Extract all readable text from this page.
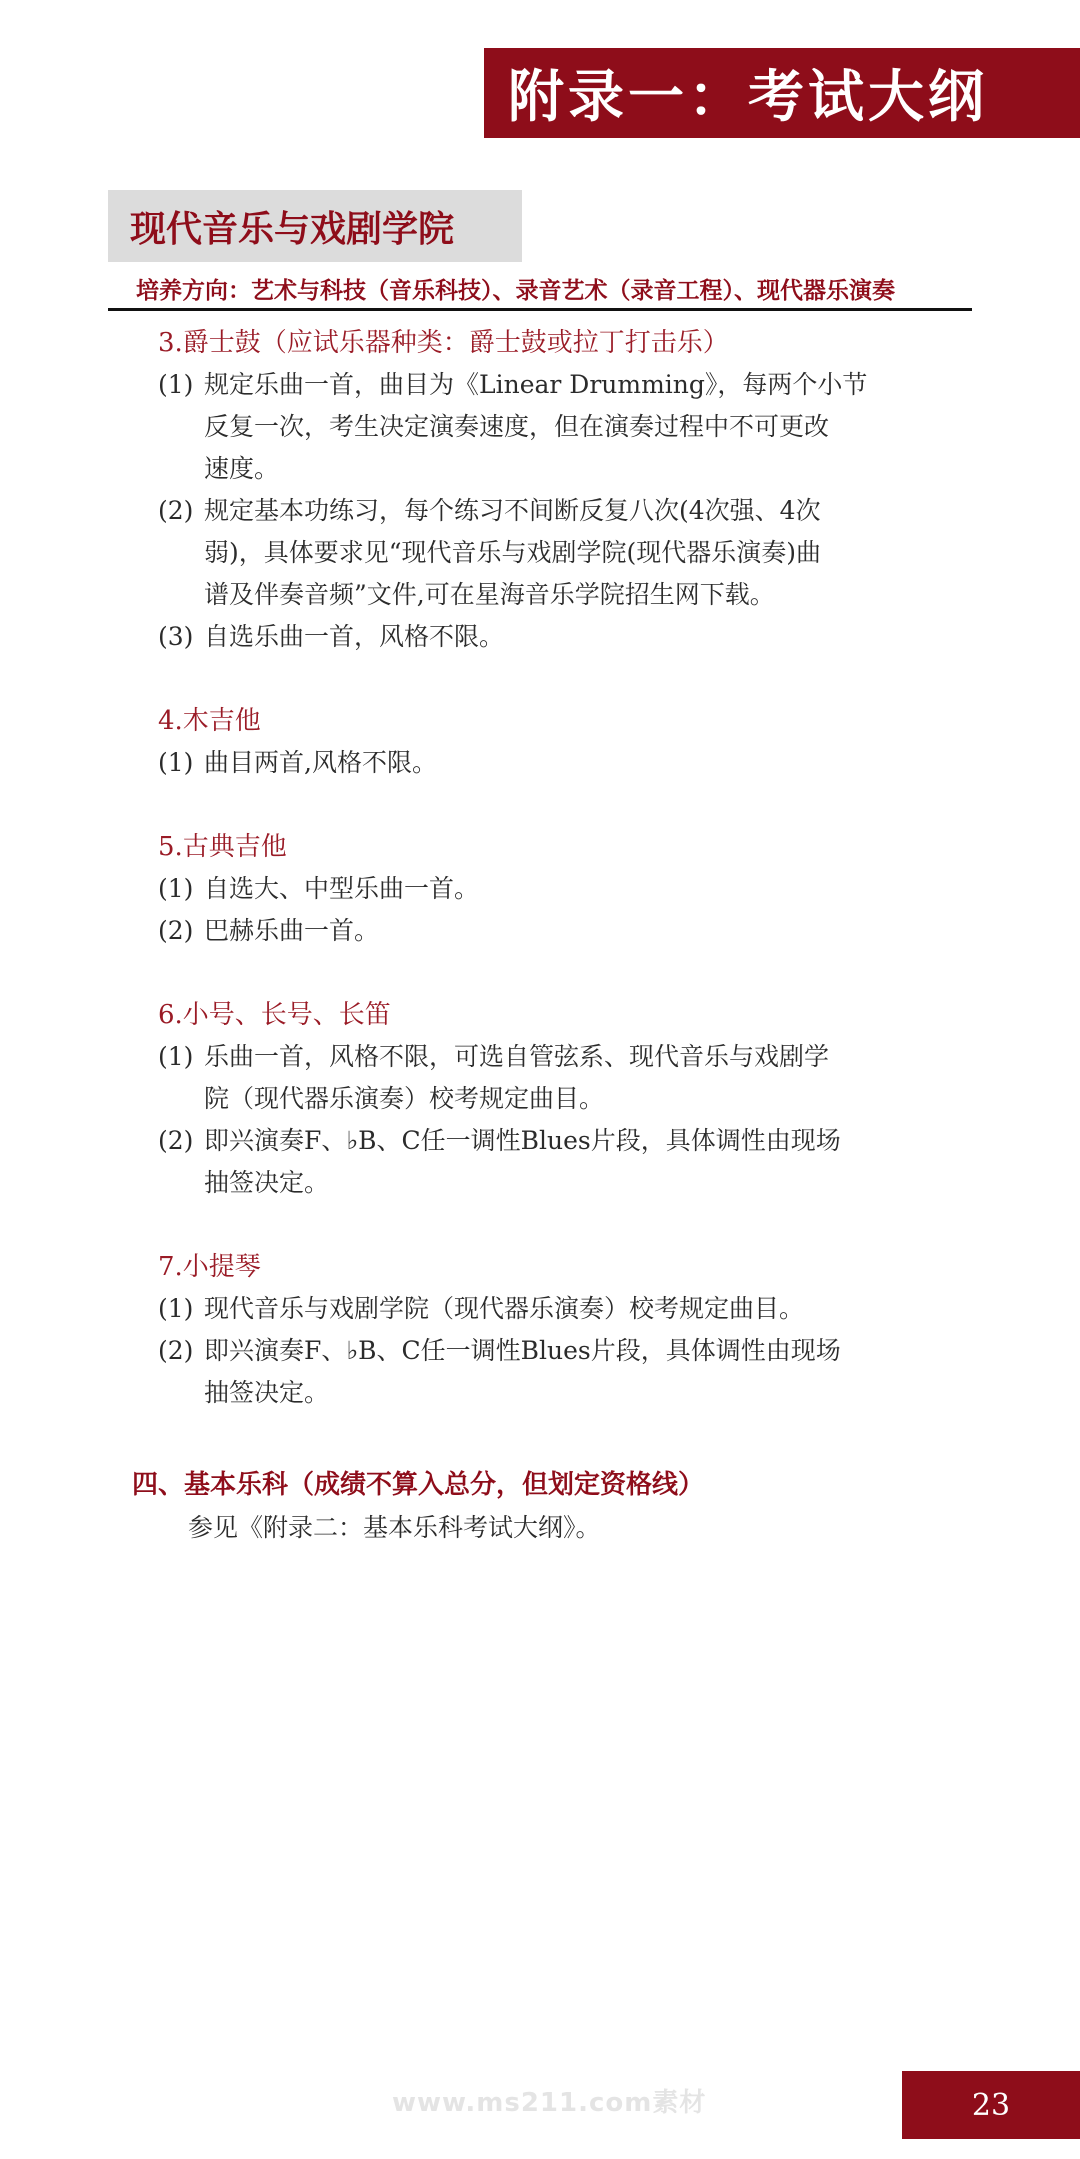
附录一：考试大纲
现代音乐与戏剧学院
培养方向：艺术与科技（音乐科技）、录音艺术（录音工程）、现代器乐演奏
3.爵士鼓（应试乐器种类：爵士鼓或拉丁打击乐）
(1) 规定乐曲一首，曲目为《Linear Drumming》，每两个小节
反复一次，考生决定演奏速度，但在演奏过程中不可更改
速度。
(2) 规定基本功练习，每个练习不间断反复八次(4次强、4次
弱)，具体要求见“现代音乐与戏剧学院(现代器乐演奏)曲
谱及伴奏音频”文件,可在星海音乐学院招生网下载。
(3) 自选乐曲一首，风格不限。
4.木吉他
(1) 曲目两首,风格不限。
5.古典吉他
(1) 自选大、中型乐曲一首。
(2) 巴赫乐曲一首。
6.小号、长号、长笛
(1) 乐曲一首，风格不限，可选自管弦系、现代音乐与戏剧学
院（现代器乐演奏）校考规定曲目。
(2) 即兴演奏F、♭B、C任一调性Blues片段，具体调性由现场
抽签决定。
7.小提琴
(1) 现代音乐与戏剧学院（现代器乐演奏）校考规定曲目。
(2) 即兴演奏F、♭B、C任一调性Blues片段，具体调性由现场
抽签决定。
四、基本乐科（成绩不算入总分，但划定资格线）
参见《附录二：基本乐科考试大纲》。
www.ms211.com素材	23
